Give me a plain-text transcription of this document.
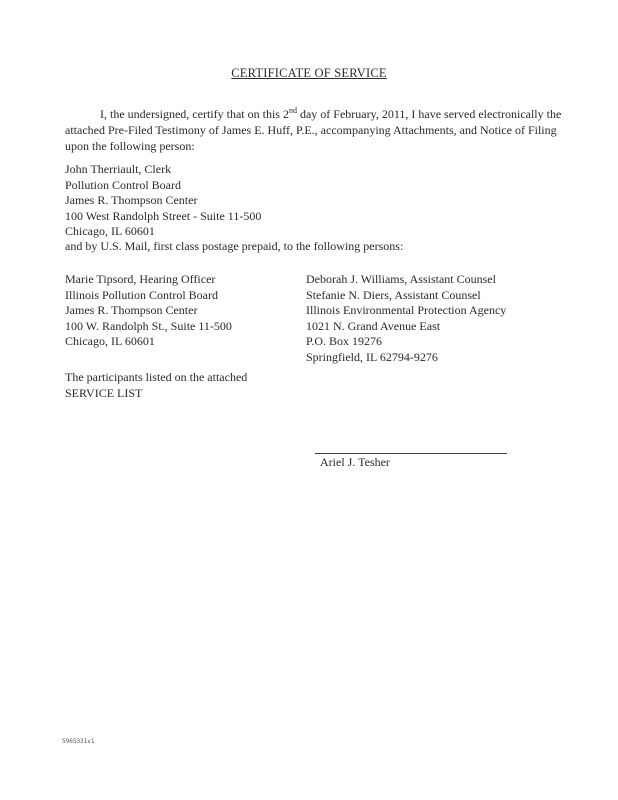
CERTIFICATE OF SERVICE

I, the undersigned, certify that on this 2nd day of February, 2011, I have served electronically the attached Pre-Filed Testimony of James E. Huff, P.E., accompanying Attachments, and Notice of Filing upon the following person:

John Therriault, Clerk
Pollution Control Board
James R. Thompson Center
100 West Randolph Street - Suite 11-500
Chicago, IL 60601
and by U.S. Mail, first class postage prepaid, to the following persons:
Marie Tipsord, Hearing Officer
Illinois Pollution Control Board
James R. Thompson Center
100 W. Randolph St., Suite 11-500
Chicago, IL 60601
Deborah J. Williams, Assistant Counsel
Stefanie N. Diers, Assistant Counsel
Illinois Environmental Protection Agency
1021 N. Grand Avenue East
P.O. Box 19276
Springfield, IL 62794-9276
The participants listed on the attached
SERVICE LIST
Ariel J. Tesher
5965331v1
